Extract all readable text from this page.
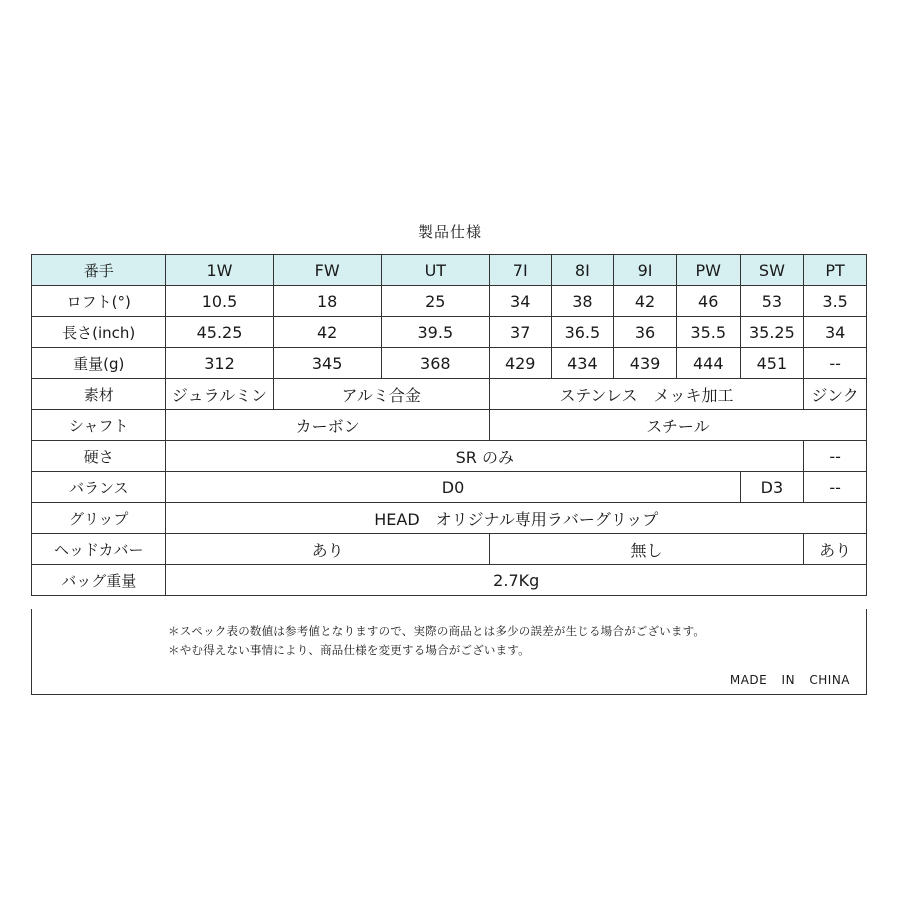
製品仕様
番手	1W	FW	UT	7I	8I	9I	PW	SW	PT
ロフト(°)	10.5	18	25	34	38	42	46	53	3.5
長さ(inch)	45.25	42	39.5	37	36.5	36	35.5	35.25	34
重量(g)	312	345	368	429	434	439	444	451	--
素材	ジュラルミン	アルミ合金		ステンレス　メッキ加工					ジンク
シャフト	カーボン			スチール					
硬さ	SR のみ								--
バランス	D0							D3	--
グリップ	HEAD　オリジナル専用ラバーグリップ								
ヘッドカバー	あり			無し					あり
バッグ重量	2.7Kg								
＊スペック表の数値は参考値となりますので、実際の商品とは多少の誤差が生じる場合がございます。
＊やむ得えない事情により、商品仕様を変更する場合がございます。
MADE IN CHINA
